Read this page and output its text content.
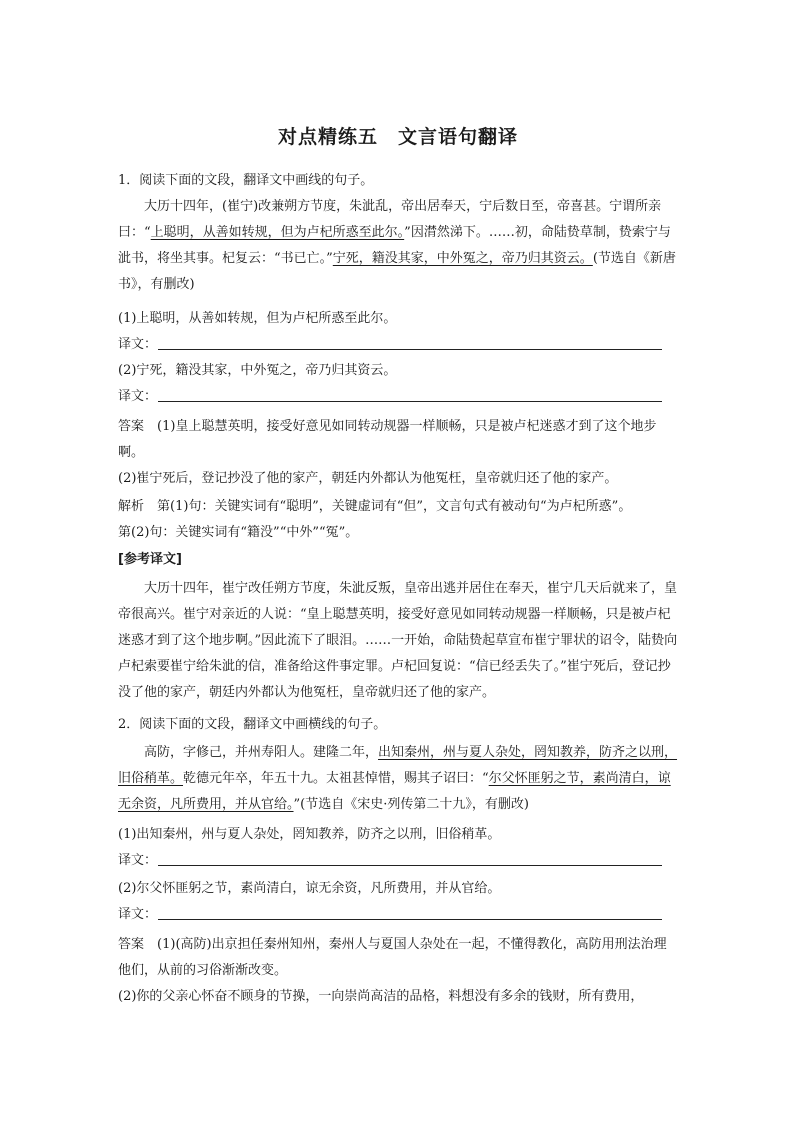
对点精练五　文言语句翻译
1．阅读下面的文段，翻译文中画线的句子。
大历十四年，(崔宁)改兼朔方节度，朱泚乱，帝出居奉天，宁后数日至，帝喜甚。宁谓所亲曰：“上聪明，从善如转规，但为卢杞所惑至此尔。”因潸然涕下。……初，命陆贽草制，贽索宁与泚书，将坐其事。杞复云：“书已亡。”宁死，籍没其家，中外冤之，帝乃归其资云。(节选自《新唐书》，有删改)
(1)上聪明，从善如转规，但为卢杞所惑至此尔。
译文：
(2)宁死，籍没其家，中外冤之，帝乃归其资云。
译文：
答案　 (1)皇上聪慧英明，接受好意见如同转动规器一样顺畅，只是被卢杞迷惑才到了这个地步啊。
(2)崔宁死后，登记抄没了他的家产，朝廷内外都认为他冤枉，皇帝就归还了他的家产。
解析　 第(1)句：关键实词有“聪明”，关键虚词有“但”，文言句式有被动句“为卢杞所惑”。
第(2)句：关键实词有“籍没”“中外”“冤”。
[参考译文]
大历十四年，崔宁改任朔方节度，朱泚反叛，皇帝出逃并居住在奉天，崔宁几天后就来了，皇帝很高兴。崔宁对亲近的人说：“皇上聪慧英明，接受好意见如同转动规器一样顺畅，只是被卢杞迷惑才到了这个地步啊。”因此流下了眼泪。……一开始，命陆贽起草宣布崔宁罪状的诏令，陆贽向卢杞索要崔宁给朱泚的信，准备给这件事定罪。卢杞回复说：“信已经丢失了。”崔宁死后，登记抄没了他的家产，朝廷内外都认为他冤枉，皇帝就归还了他的家产。
2．阅读下面的文段，翻译文中画横线的句子。
高防，字修己，并州寿阳人。建隆二年，出知秦州，州与夏人杂处，罔知教养，防齐之以刑，旧俗稍革。乾德元年卒，年五十九。太祖甚悼惜，赐其子诏曰：“尔父怀匪躬之节，素尚清白，谅无余资，凡所费用，并从官给。”(节选自《宋史·列传第二十九》，有删改)
(1)出知秦州，州与夏人杂处，罔知教养，防齐之以刑，旧俗稍革。
译文：
(2)尔父怀匪躬之节，素尚清白，谅无余资，凡所费用，并从官给。
译文：
答案　 (1)(高防)出京担任秦州知州，秦州人与夏国人杂处在一起，不懂得教化，高防用刑法治理他们，从前的习俗渐渐改变。
(2)你的父亲心怀奋不顾身的节操，一向崇尚高洁的品格，料想没有多余的钱财，所有费用，
